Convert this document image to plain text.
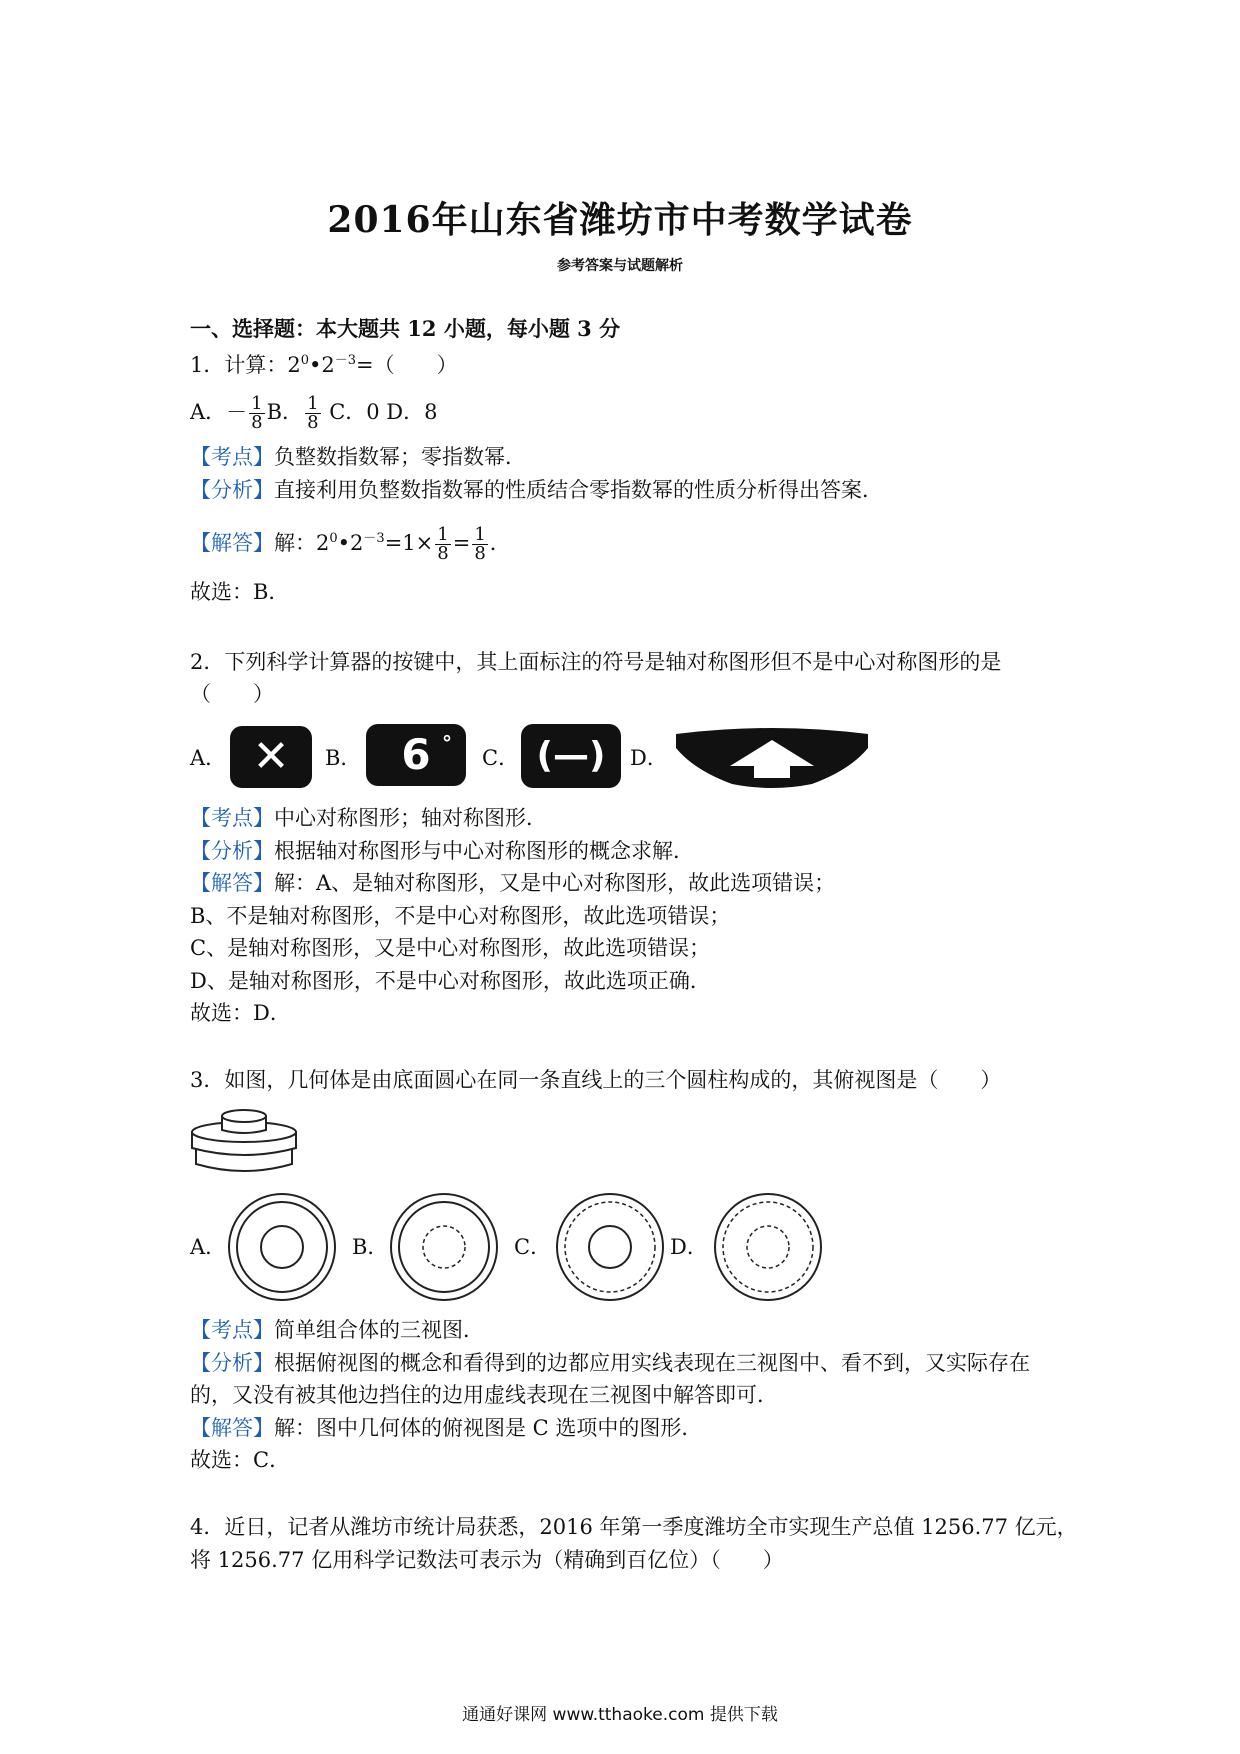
2016年山东省潍坊市中考数学试卷
参考答案与试题解析
一、选择题：本大题共 12 小题，每小题 3 分
1．计算：$2^0•2^{-3}=$（　　）
A．－ $\frac{1}{8}$ B． $\frac{1}{8}$ C．0 D．8
【考点】负整数指数幂；零指数幂．
【分析】直接利用负整数指数幂的性质结合零指数幂的性质分析得出答案．
【解答】解：$2^0•2^{-3}=1\times \frac{1}{8} = \frac{1}{8}$ ．
故选：B．
2．下列科学计算器的按键中，其上面标注的符号是轴对称图形但不是中心对称图形的是
（　　）
A． ✕	B． 6 °
C． (—)	D．
【考点】中心对称图形；轴对称图形．
【分析】根据轴对称图形与中心对称图形的概念求解．
【解答】解：A、是轴对称图形，又是中心对称图形，故此选项错误；
B、不是轴对称图形，不是中心对称图形，故此选项错误；
C、是轴对称图形，又是中心对称图形，故此选项错误；
D、是轴对称图形，不是中心对称图形，故此选项正确．
故选：D．
3．如图，几何体是由底面圆心在同一条直线上的三个圆柱构成的，其俯视图是（　　）
A．	B．	C．	D．
【考点】简单组合体的三视图．
【分析】根据俯视图的概念和看得到的边都应用实线表现在三视图中、看不到，又实际存在
的，又没有被其他边挡住的边用虚线表现在三视图中解答即可．
【解答】解：图中几何体的俯视图是 C 选项中的图形．
故选：C．
4．近日，记者从潍坊市统计局获悉，2016 年第一季度潍坊全市实现生产总值 1256.77 亿元，
将 1256.77 亿用科学记数法可表示为（精确到百亿位）（　　）
通通好课网 www.tthaoke.com 提供下载
